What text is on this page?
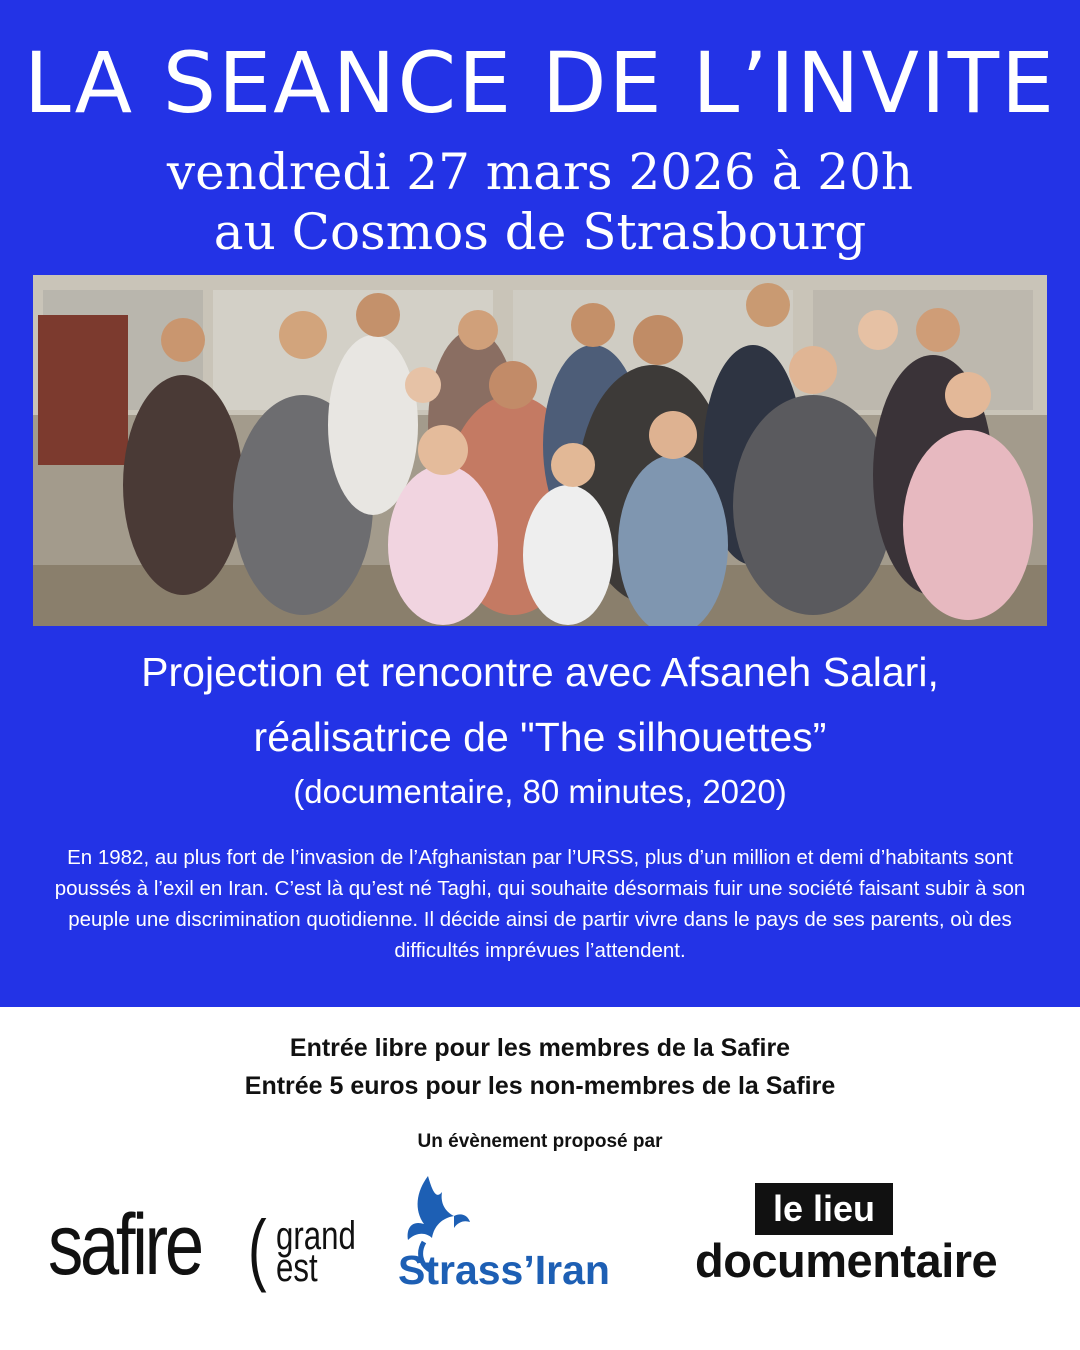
LA SEANCE DE L’INVITE
vendredi 27 mars 2026 à 20h
au Cosmos de Strasbourg
Projection et rencontre avec Afsaneh Salari,
réalisatrice de "The silhouettes”
(documentaire, 80 minutes, 2020)

En 1982, au plus fort de l’invasion de l’Afghanistan par l’URSS, plus d’un million et demi d’habitants sont poussés à l’exil en Iran. C’est là qu’est né Taghi, qui souhaite désormais fuir une société faisant subir à son peuple une discrimination quotidienne. Il décide ainsi de partir vivre dans le pays de ses parents, où des difficultés imprévues l’attendent.

Entrée libre pour les membres de la Safire
Entrée 5 euros pour les non-membres de la Safire
Un évènement proposé par
safire ( grand
est Strass’Iran
le lieu
documentaire
